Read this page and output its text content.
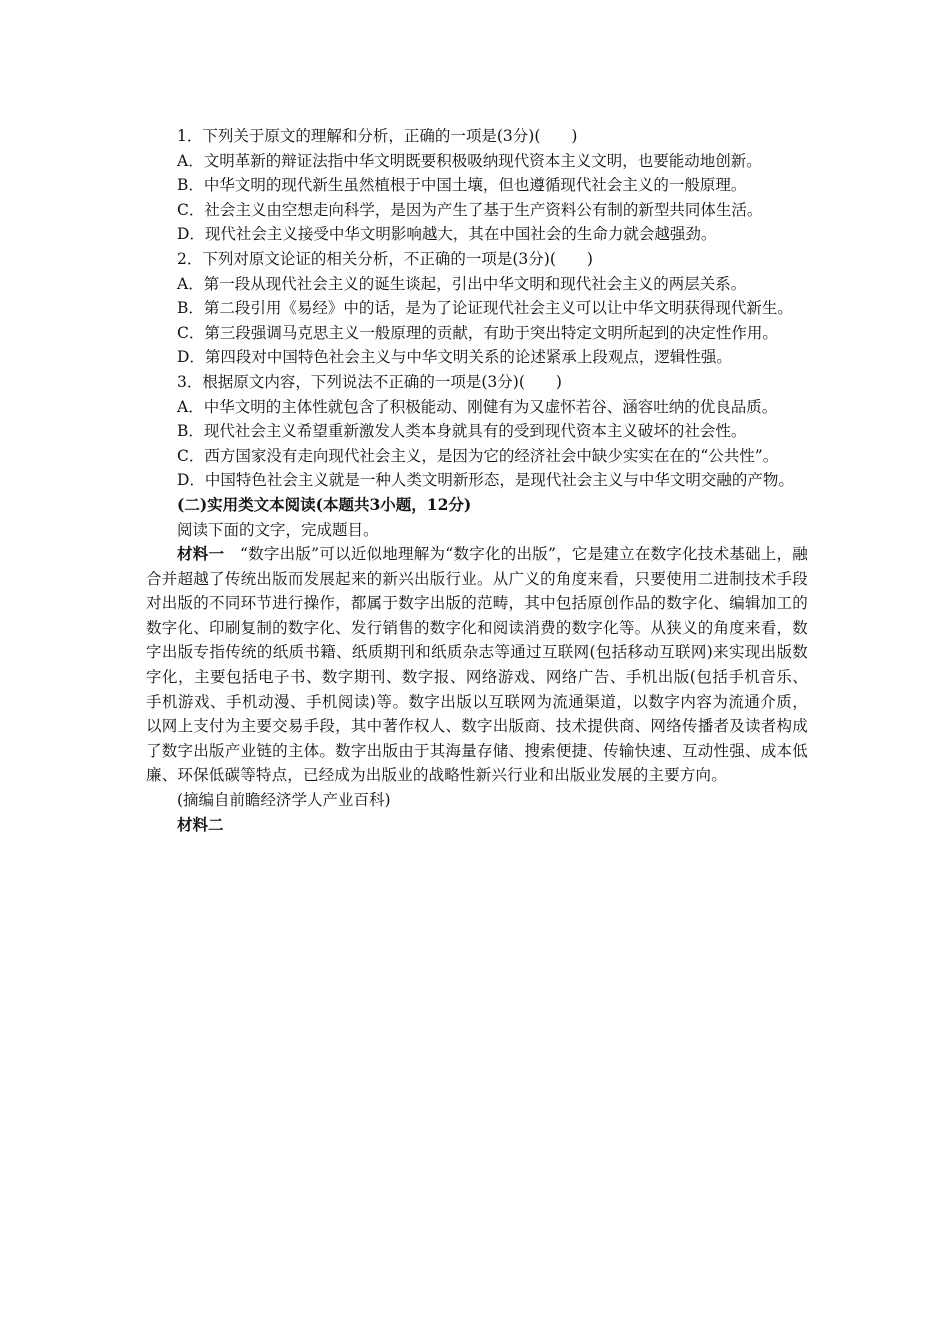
1．下列关于原文的理解和分析，正确的一项是(3分)(　　)

A．文明革新的辩证法指中华文明既要积极吸纳现代资本主义文明，也要能动地创新。

B．中华文明的现代新生虽然植根于中国土壤，但也遵循现代社会主义的一般原理。

C．社会主义由空想走向科学，是因为产生了基于生产资料公有制的新型共同体生活。

D．现代社会主义接受中华文明影响越大，其在中国社会的生命力就会越强劲。

2．下列对原文论证的相关分析，不正确的一项是(3分)(　　)

A．第一段从现代社会主义的诞生谈起，引出中华文明和现代社会主义的两层关系。

B．第二段引用《易经》中的话，是为了论证现代社会主义可以让中华文明获得现代新生。

C．第三段强调马克思主义一般原理的贡献，有助于突出特定文明所起到的决定性作用。

D．第四段对中国特色社会主义与中华文明关系的论述紧承上段观点，逻辑性强。

3．根据原文内容，下列说法不正确的一项是(3分)(　　)

A．中华文明的主体性就包含了积极能动、刚健有为又虚怀若谷、涵容吐纳的优良品质。

B．现代社会主义希望重新激发人类本身就具有的受到现代资本主义破坏的社会性。

C．西方国家没有走向现代社会主义，是因为它的经济社会中缺少实实在在的“公共性”。

D．中国特色社会主义就是一种人类文明新形态，是现代社会主义与中华文明交融的产物。

(二)实用类文本阅读(本题共3小题，12分)

阅读下面的文字，完成题目。

材料一　“数字出版”可以近似地理解为“数字化的出版”，它是建立在数字化技术基础上，融合并超越了传统出版而发展起来的新兴出版行业。从广义的角度来看，只要使用二进制技术手段对出版的不同环节进行操作，都属于数字出版的范畴，其中包括原创作品的数字化、编辑加工的数字化、印刷复制的数字化、发行销售的数字化和阅读消费的数字化等。从狭义的角度来看，数字出版专指传统的纸质书籍、纸质期刊和纸质杂志等通过互联网(包括移动互联网)来实现出版数字化，主要包括电子书、数字期刊、数字报、网络游戏、网络广告、手机出版(包括手机音乐、手机游戏、手机动漫、手机阅读)等。数字出版以互联网为流通渠道，以数字内容为流通介质，以网上支付为主要交易手段，其中著作权人、数字出版商、技术提供商、网络传播者及读者构成了数字出版产业链的主体。数字出版由于其海量存储、搜索便捷、传输快速、互动性强、成本低廉、环保低碳等特点，已经成为出版业的战略性新兴行业和出版业发展的主要方向。

(摘编自前瞻经济学人产业百科)

材料二
